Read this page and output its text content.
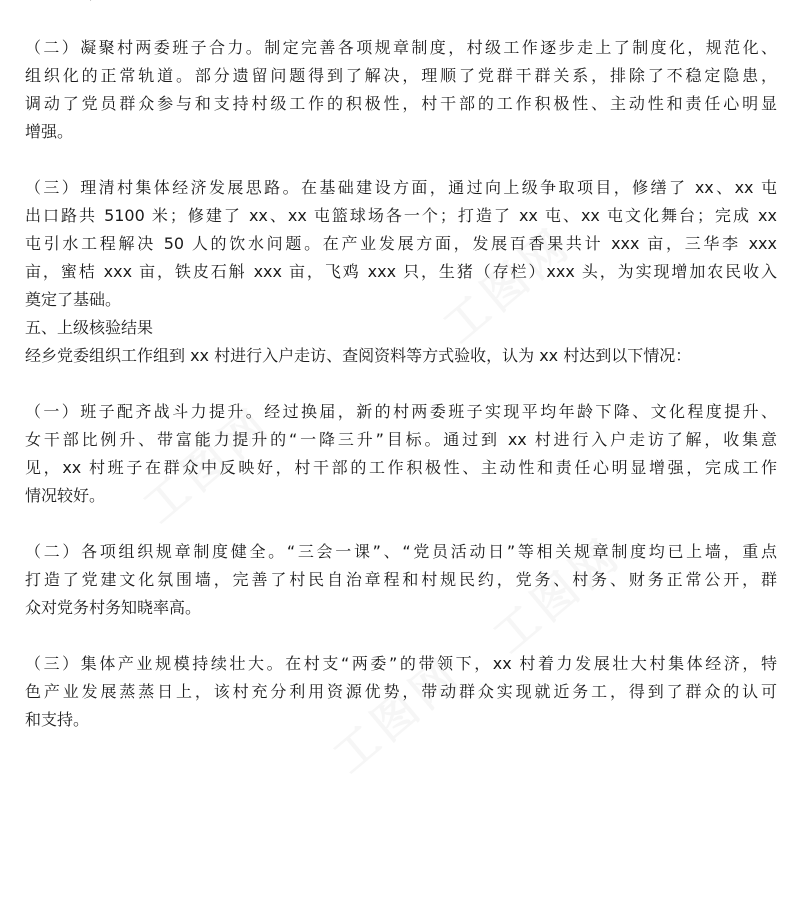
（二）凝聚村两委班子合力。制定完善各项规章制度，村级工作逐步走上了制度化，规范化、
组织化的正常轨道。部分遗留问题得到了解决，理顺了党群干群关系，排除了不稳定隐患，
调动了党员群众参与和支持村级工作的积极性，村干部的工作积极性、主动性和责任心明显
增强。
（三）理清村集体经济发展思路。在基础建设方面，通过向上级争取项目，修缮了 xx、xx 屯
出口路共 5100 米；修建了 xx、xx 屯篮球场各一个；打造了 xx 屯、xx 屯文化舞台；完成 xx
屯引水工程解决 50 人的饮水问题。在产业发展方面，发展百香果共计 xxx 亩，三华李 xxx
亩，蜜桔 xxx 亩，铁皮石斛 xxx 亩，飞鸡 xxx 只，生猪（存栏）xxx 头，为实现增加农民收入
奠定了基础。
五、上级核验结果
经乡党委组织工作组到 xx 村进行入户走访、查阅资料等方式验收，认为 xx 村达到以下情况：
（一）班子配齐战斗力提升。经过换届，新的村两委班子实现平均年龄下降、文化程度提升、
女干部比例升、带富能力提升的“一降三升”目标。通过到 xx 村进行入户走访了解，收集意
见，xx 村班子在群众中反映好，村干部的工作积极性、主动性和责任心明显增强，完成工作
情况较好。
（二）各项组织规章制度健全。“三会一课”、“党员活动日”等相关规章制度均已上墙，重点
打造了党建文化氛围墙，完善了村民自治章程和村规民约，党务、村务、财务正常公开，群
众对党务村务知晓率高。
（三）集体产业规模持续壮大。在村支“两委”的带领下，xx 村着力发展壮大村集体经济，特
色产业发展蒸蒸日上，该村充分利用资源优势，带动群众实现就近务工，得到了群众的认可
和支持。
